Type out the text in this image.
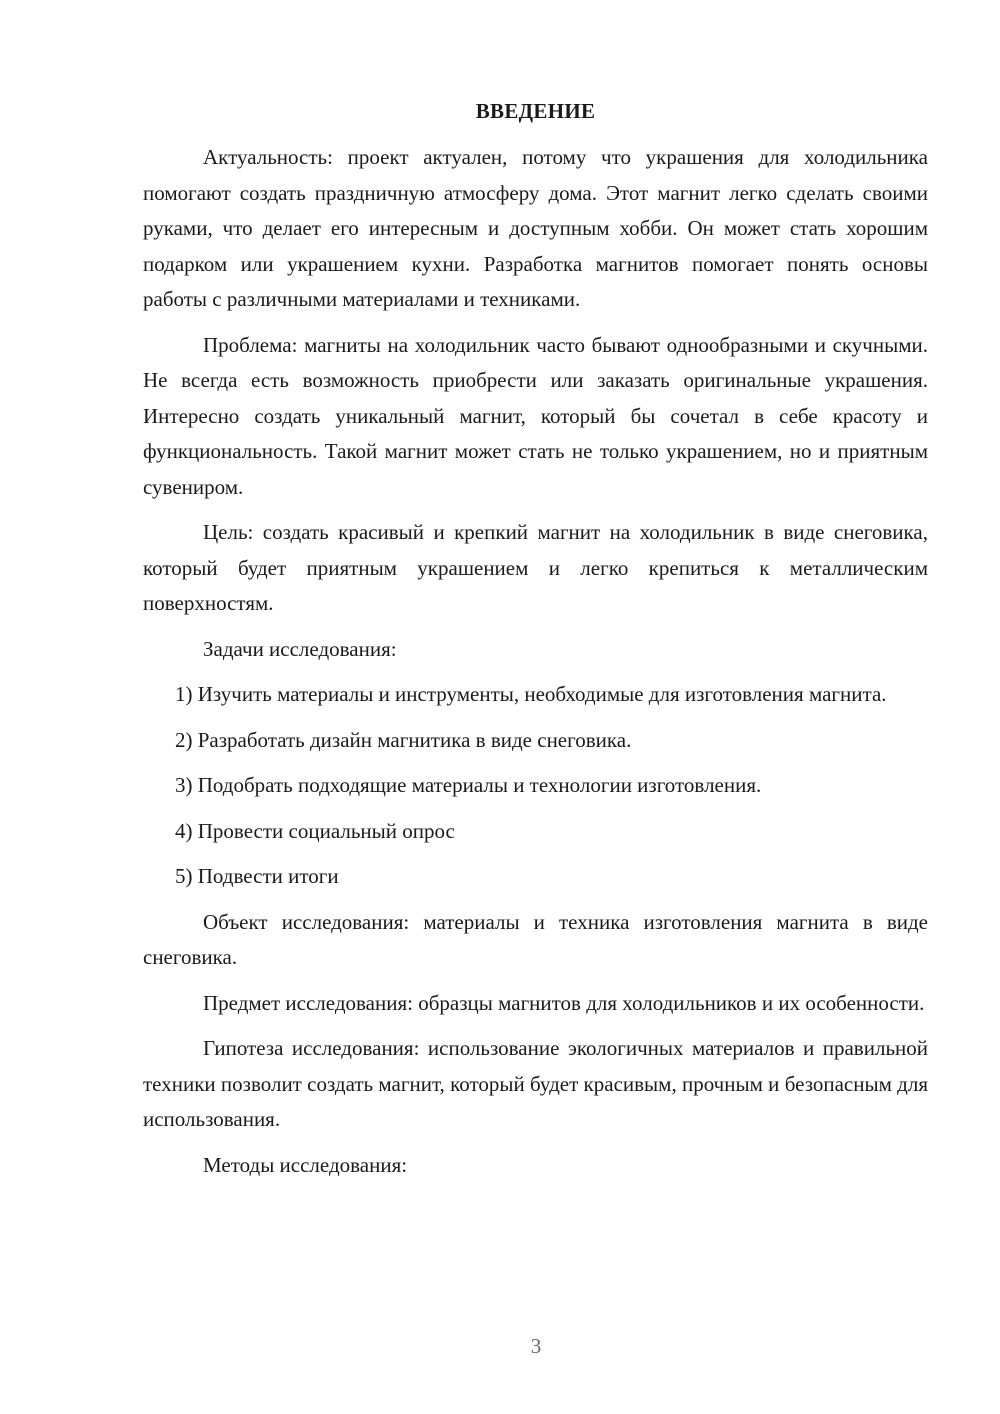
ВВЕДЕНИЕ

Актуальность: проект актуален, потому что украшения для холодильника помогают создать праздничную атмосферу дома. Этот магнит легко сделать своими руками, что делает его интересным и доступным хобби. Он может стать хорошим подарком или украшением кухни. Разработка магнитов помогает понять основы работы с различными материалами и техниками.

Проблема: магниты на холодильник часто бывают однообразными и скучными. Не всегда есть возможность приобрести или заказать оригинальные украшения. Интересно создать уникальный магнит, который бы сочетал в себе красоту и функциональность. Такой магнит может стать не только украшением, но и приятным сувениром.

Цель: создать красивый и крепкий магнит на холодильник в виде снеговика, который будет приятным украшением и легко крепиться к металлическим поверхностям.

Задачи исследования:

1) Изучить материалы и инструменты, необходимые для изготовления магнита.

2) Разработать дизайн магнитика в виде снеговика.

3) Подобрать подходящие материалы и технологии изготовления.

4) Провести социальный опрос

5) Подвести итоги

Объект исследования: материалы и техника изготовления магнита в виде снеговика.

Предмет исследования: образцы магнитов для холодильников и их особенности.

Гипотеза исследования: использование экологичных материалов и правильной техники позволит создать магнит, который будет красивым, прочным и безопасным для использования.

Методы исследования:

3
